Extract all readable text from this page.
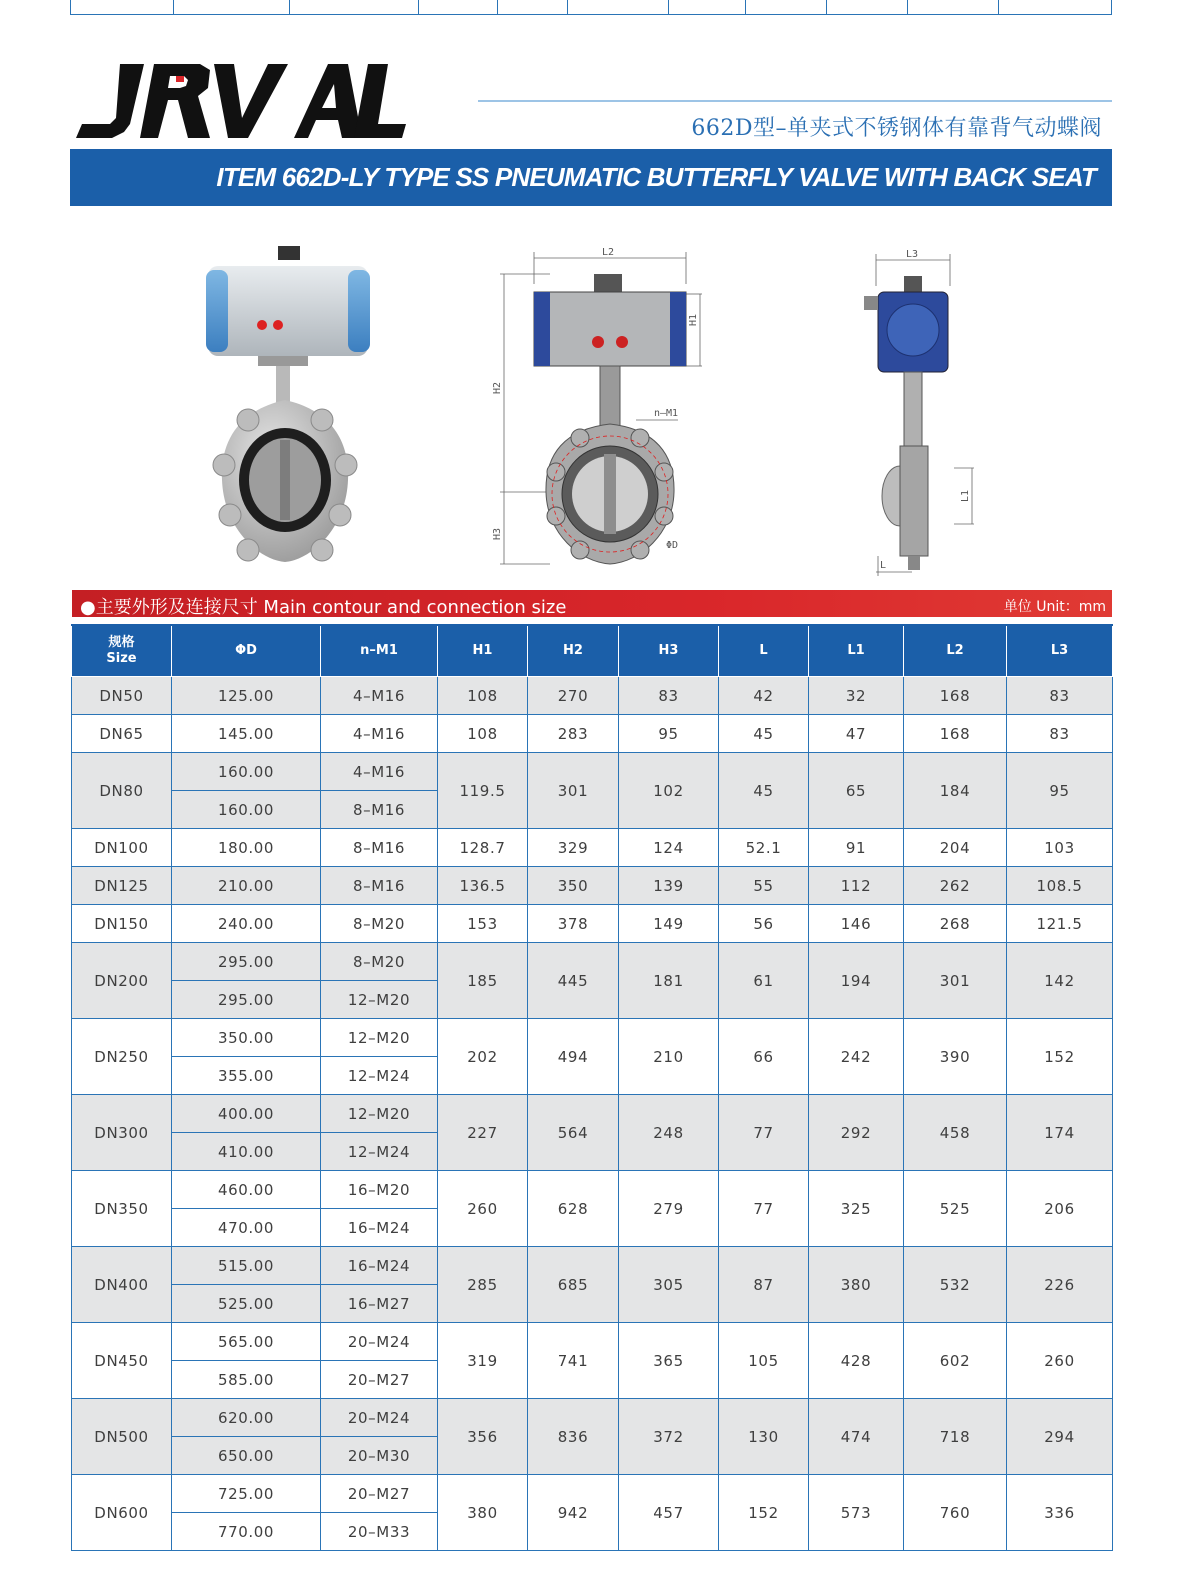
662D型–单夹式不锈钢体有靠背气动蝶阀
ITEM 662D-LY TYPE SS PNEUMATIC BUTTERFLY VALVE WITH BACK SEAT
L2
H1
H2
H3
n–M1
ΦD
L3
L1
L
●主要外形及连接尺寸 Main contour and connection size	单位 Unit：mm
规格
Size	ΦD	n–M1	H1	H2	H3	L	L1	L2	L3
DN50	125.00	4–M16	108	270	83	42	32	168	83
DN65	145.00	4–M16	108	283	95	45	47	168	83
DN80	160.00	4–M16	119.5	301	102	45	65	184	95
	160.00	8–M16							
DN100	180.00	8–M16	128.7	329	124	52.1	91	204	103
DN125	210.00	8–M16	136.5	350	139	55	112	262	108.5
DN150	240.00	8–M20	153	378	149	56	146	268	121.5
DN200	295.00	8–M20	185	445	181	61	194	301	142
	295.00	12–M20							
DN250	350.00	12–M20	202	494	210	66	242	390	152
	355.00	12–M24							
DN300	400.00	12–M20	227	564	248	77	292	458	174
	410.00	12–M24							
DN350	460.00	16–M20	260	628	279	77	325	525	206
	470.00	16–M24							
DN400	515.00	16–M24	285	685	305	87	380	532	226
	525.00	16–M27							
DN450	565.00	20–M24	319	741	365	105	428	602	260
	585.00	20–M27							
DN500	620.00	20–M24	356	836	372	130	474	718	294
	650.00	20–M30							
DN600	725.00	20–M27	380	942	457	152	573	760	336
	770.00	20–M33							
